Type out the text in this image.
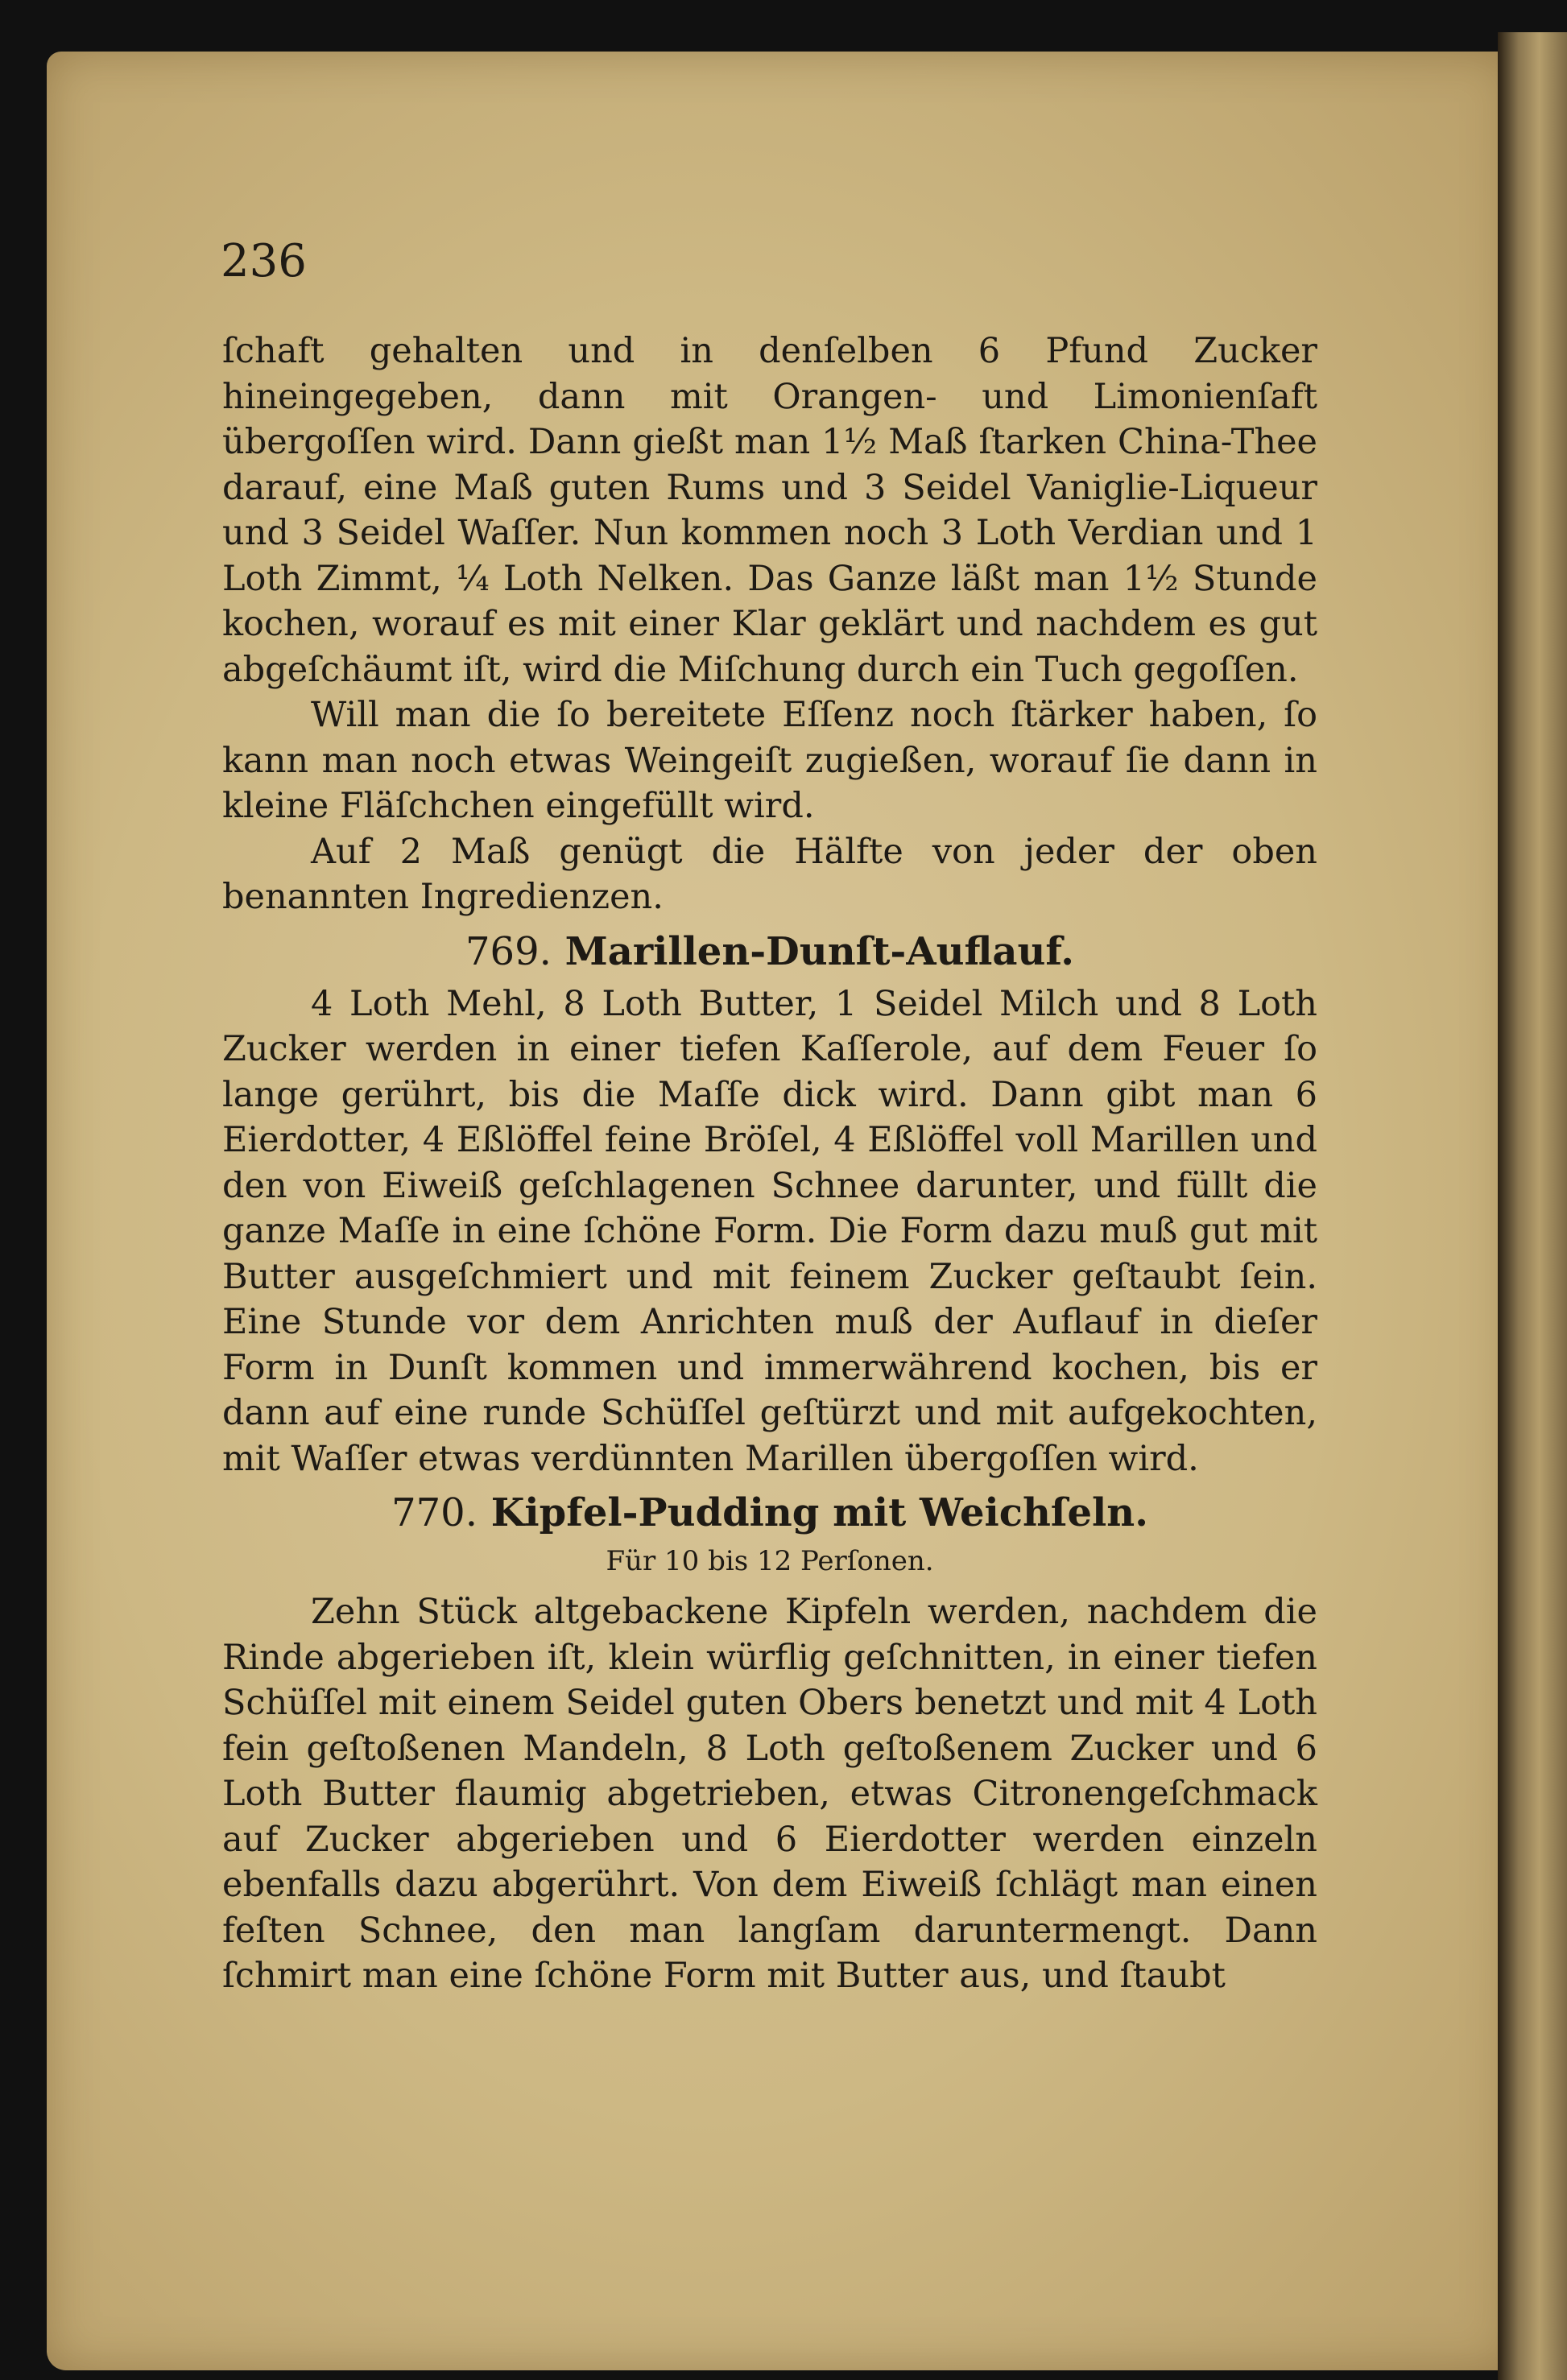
236

ſchaft gehalten und in denſelben 6 Pfund Zucker hineingegeben, dann mit Orangen- und Limonienſaft übergoſſen wird. Dann gießt man 1½ Maß ſtarken China-Thee darauf, eine Maß guten Rums und 3 Seidel Vaniglie-Liqueur und 3 Seidel Waſſer. Nun kommen noch 3 Loth Verdian und 1 Loth Zimmt, ¼ Loth Nelken. Das Ganze läßt man 1½ Stunde kochen, worauf es mit einer Klar geklärt und nachdem es gut abgeſchäumt iſt, wird die Miſchung durch ein Tuch gegoſſen.

Will man die ſo bereitete Eſſenz noch ſtärker haben, ſo kann man noch etwas Weingeiſt zugießen, worauf ſie dann in kleine Fläſchchen eingefüllt wird.

Auf 2 Maß genügt die Hälfte von jeder der oben benannten Ingredienzen.

769. Marillen-Dunſt-Auflauf.

4 Loth Mehl, 8 Loth Butter, 1 Seidel Milch und 8 Loth Zucker werden in einer tiefen Kaſſerole, auf dem Feuer ſo lange gerührt, bis die Maſſe dick wird. Dann gibt man 6 Eierdotter, 4 Eßlöffel feine Bröſel, 4 Eßlöffel voll Marillen und den von Eiweiß geſchlagenen Schnee darunter, und füllt die ganze Maſſe in eine ſchöne Form. Die Form dazu muß gut mit Butter ausgeſchmiert und mit feinem Zucker geſtaubt ſein. Eine Stunde vor dem Anrichten muß der Auflauf in dieſer Form in Dunſt kommen und immerwährend kochen, bis er dann auf eine runde Schüſſel geſtürzt und mit aufgekochten, mit Waſſer etwas verdünnten Marillen übergoſſen wird.

770. Kipfel-Pudding mit Weichſeln.
Für 10 bis 12 Perſonen.

Zehn Stück altgebackene Kipfeln werden, nachdem die Rinde abgerieben iſt, klein würflig geſchnitten, in einer tiefen Schüſſel mit einem Seidel guten Obers benetzt und mit 4 Loth fein geſtoßenen Mandeln, 8 Loth geſtoßenem Zucker und 6 Loth Butter flaumig abgetrieben, etwas Citronengeſchmack auf Zucker abgerieben und 6 Eierdotter werden einzeln ebenfalls dazu abgerührt. Von dem Eiweiß ſchlägt man einen feſten Schnee, den man langſam daruntermengt. Dann ſchmirt man eine ſchöne Form mit Butter aus, und ſtaubt
